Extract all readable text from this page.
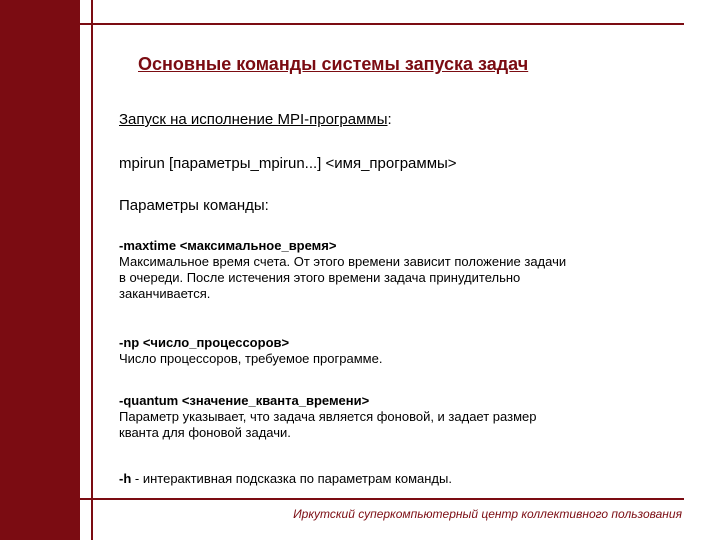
Основные команды системы запуска задач
Запуск на исполнение MPI-программы:
mpirun [параметры_mpirun...] <имя_программы>
Параметры команды:
-maxtime <максимальное_время>
Максимальное время счета. От этого времени зависит положение задачи
в очереди. После истечения этого времени задача принудительно
заканчивается.
-np <число_процессоров>
Число процессоров, требуемое программе.
-quantum <значение_кванта_времени>
Параметр указывает, что задача является фоновой, и задает размер
кванта для фоновой задачи.
-h - интерактивная подсказка по параметрам команды.
Иркутский суперкомпьютерный центр коллективного пользования
